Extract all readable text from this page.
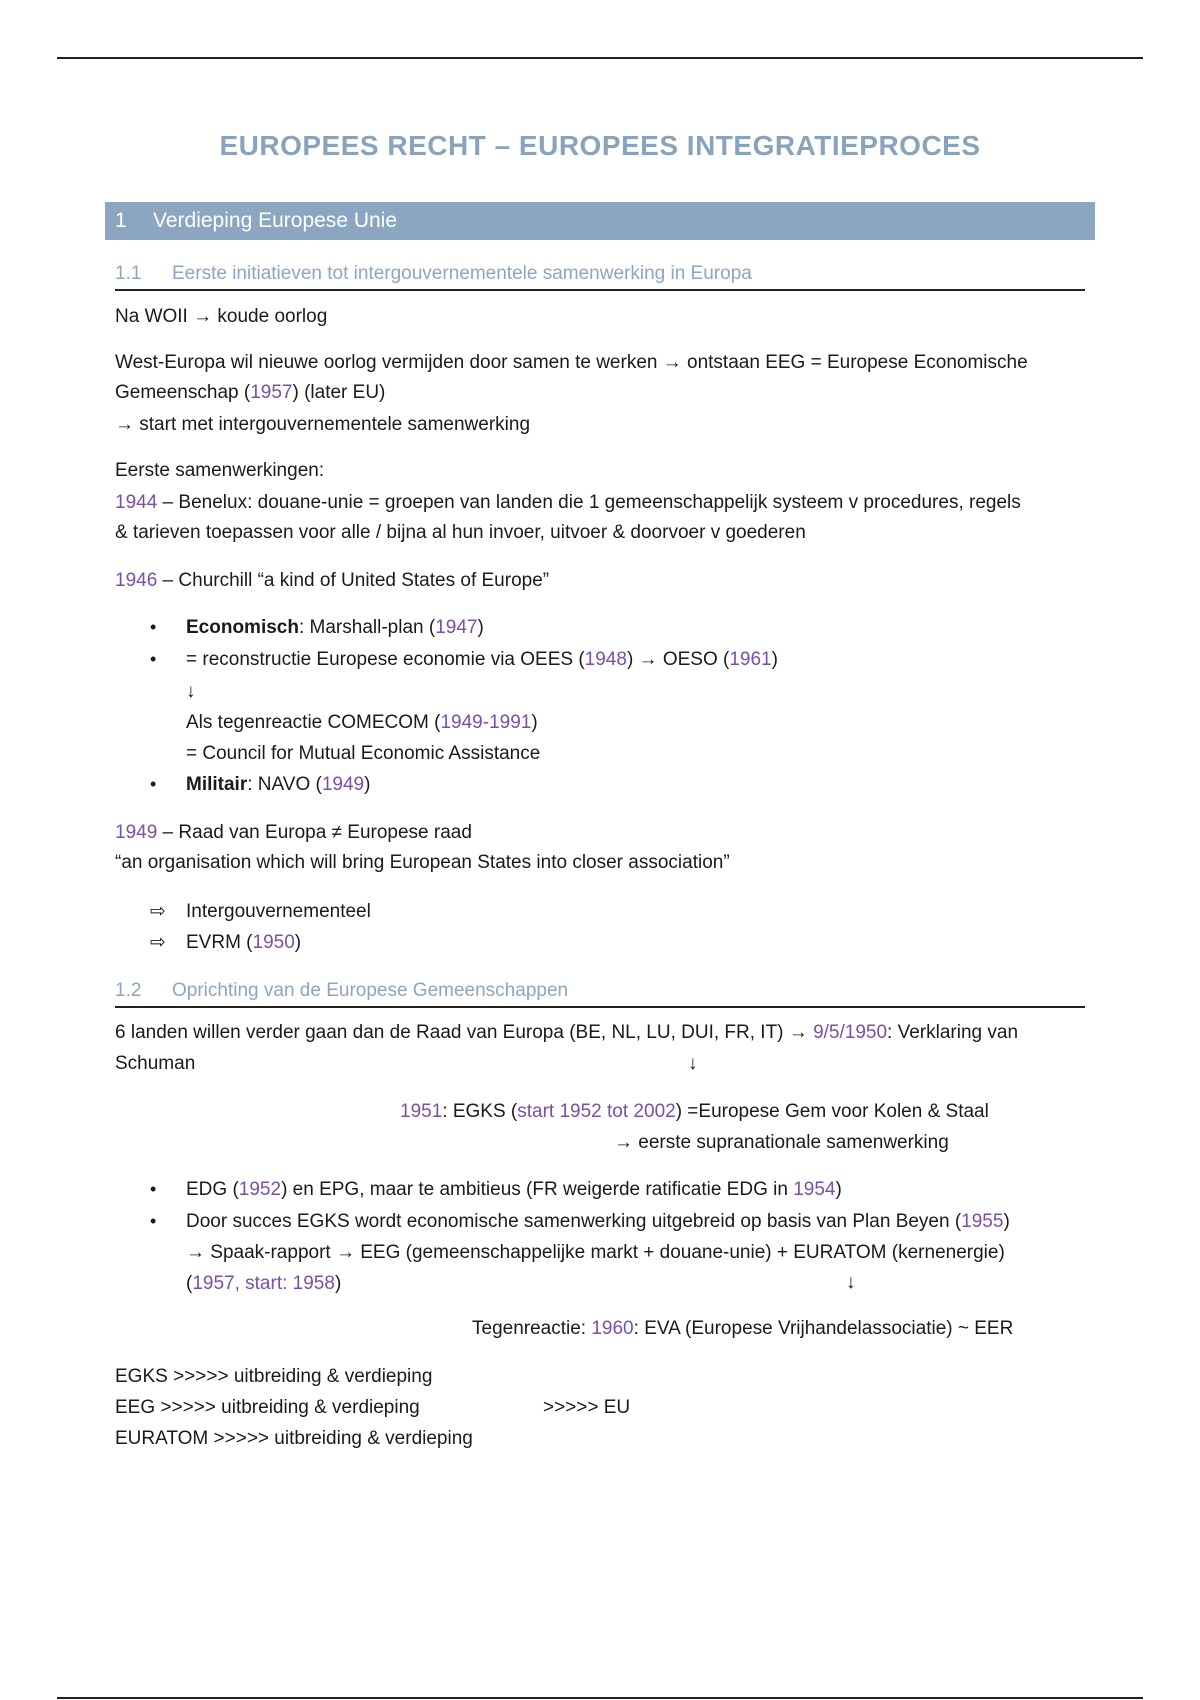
EUROPEES RECHT – EUROPEES INTEGRATIEPROCES
1 Verdieping Europese Unie
1.1 Eerste initiatieven tot intergouvernementele samenwerking in Europa
Na WOII → koude oorlog
West-Europa wil nieuwe oorlog vermijden door samen te werken → ontstaan EEG = Europese Economische
Gemeenschap (1957) (later EU)
→ start met intergouvernementele samenwerking
Eerste samenwerkingen:
1944 – Benelux: douane-unie = groepen van landen die 1 gemeenschappelijk systeem v procedures, regels
& tarieven toepassen voor alle / bijna al hun invoer, uitvoer & doorvoer v goederen
1946 – Churchill “a kind of United States of Europe”
• Economisch: Marshall-plan (1947)
• = reconstructie Europese economie via OEES (1948) → OESO (1961)
↓
Als tegenreactie COMECOM (1949-1991)
= Council for Mutual Economic Assistance
• Militair: NAVO (1949)
1949 – Raad van Europa ≠ Europese raad
“an organisation which will bring European States into closer association”
⇨ Intergouvernementeel
⇨ EVRM (1950)
1.2 Oprichting van de Europese Gemeenschappen
6 landen willen verder gaan dan de Raad van Europa (BE, NL, LU, DUI, FR, IT) → 9/5/1950: Verklaring van
Schuman	↓
1951: EGKS (start 1952 tot 2002) =Europese Gem voor Kolen & Staal
→ eerste supranationale samenwerking
• EDG (1952) en EPG, maar te ambitieus (FR weigerde ratificatie EDG in 1954)
• Door succes EGKS wordt economische samenwerking uitgebreid op basis van Plan Beyen (1955)
→ Spaak-rapport → EEG (gemeenschappelijke markt + douane-unie) + EURATOM (kernenergie)
(1957, start: 1958)	↓
Tegenreactie: 1960: EVA (Europese Vrijhandelassociatie) ~ EER
EGKS >>>>> uitbreiding & verdieping
EEG >>>>> uitbreiding & verdieping	>>>>> EU
EURATOM >>>>> uitbreiding & verdieping
